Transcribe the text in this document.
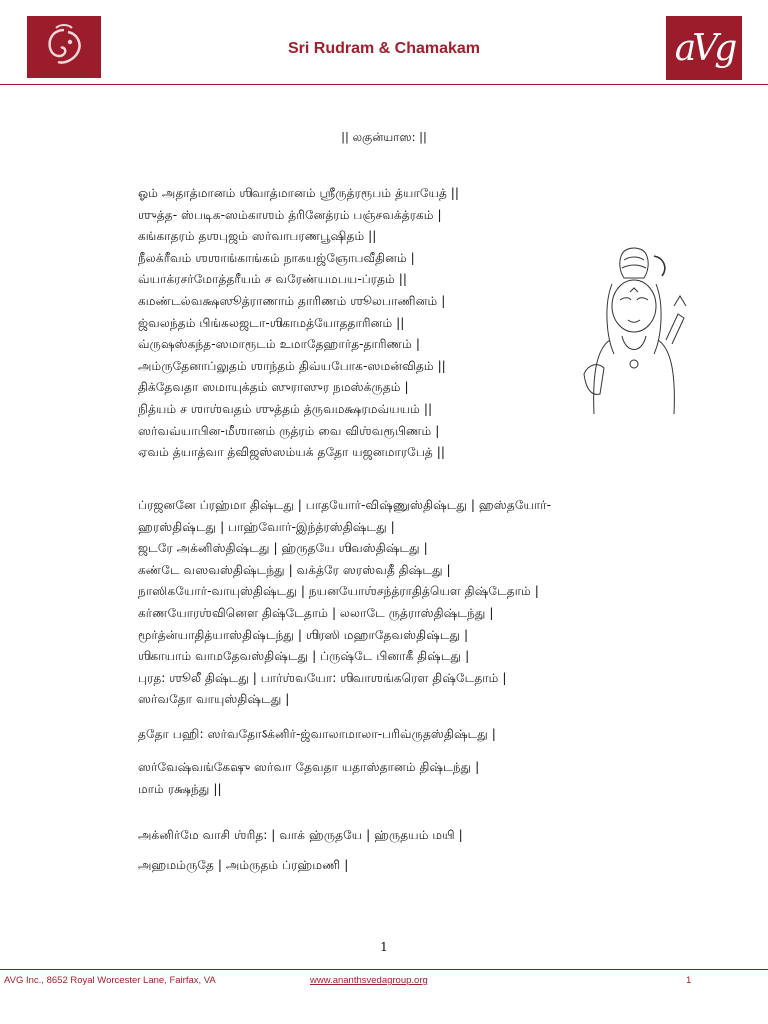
Sri Rudram & Chamakam	aVg
|| லகுன்யாஸ: ||
ஓம் அதாத்மானம் ஶிவாத்மானம் ஶ்ரீருத்ரரூபம் த்யாயேத் ||
ஶுத்த- ஸ்படிக-ஸம்காஶம் த்ரினேத்ரம் பஞ்சவக்த்ரகம் |
கங்காதரம் தஶபுஜம் ஸர்வாபரணபூஷிதம் ||
நீலக்ரீவம் ஶஶாங்காங்கம் நாகயஜ்ஞோபவீதினம் |
வ்யாக்ரசர்மோத்தரீயம் ச வரேண்யமபய-ப்ரதம் ||
கமண்டல்வக்ஷஸூத்ராணாம் தாரிணம் ஶூலபாணினம் |
ஜ்வலந்தம் பிங்கலஜடா-ஶிகாமத்யோததாரினம் ||
வ்ருஷஸ்கந்த-ஸமாரூடம் உமாதேஹார்த-தாரிணம் |
அம்ருதேனாப்லுதம் ஶாந்தம் திவ்யபோக-ஸமன்விதம் ||
திக்தேவதா ஸமாயுக்தம் ஸுராஸுர நமஸ்க்ருதம் |
நித்யம் ச ஶாஶ்வதம் ஶுத்தம் த்ருவமக்ஷரமவ்யயம் ||
ஸர்வவ்யாபின-மீஶானம் ருத்ரம் வை விஶ்வரூபிணம் |
ஏவம் த்யாத்வா த்விஜஸ்ஸம்யக் ததோ யஜனமாரபேத் ||
ப்ரஜனனே ப்ரஹ்மா திஷ்டது | பாதயோர்-விஷ்ணுஸ்திஷ்டது | ஹஸ்தயோர்-
ஹரஸ்திஷ்டது | பாஹ்வோர்-இந்த்ரஸ்திஷ்டது |
ஜடரே அக்னிஸ்திஷ்டது | ஹ்ருதயே ஶிவஸ்திஷ்டது |
கண்டே வஸவஸ்திஷ்டந்து | வக்த்ரே ஸரஸ்வதீ திஷ்டது |
நாஸிகயோர்-வாயுஸ்திஷ்டது | நயனயோஶ்சந்த்ராதித்யௌ திஷ்டேதாம் |
கர்ணயோரஶ்வினௌ திஷ்டேதாம் | லலாடே ருத்ராஸ்திஷ்டந்து |
மூர்த்ன்யாதித்யாஸ்திஷ்டந்து | ஶிரஸி மஹாதேவஸ்திஷ்டது |
ஶிகாயாம் வாமதேவஸ்திஷ்டது | ப்ருஷ்டே பினாகீ திஷ்டது |
புரத: ஶூலீ திஷ்டது | பார்ஶ்வயோ: ஶிவாஶங்கரௌ திஷ்டேதாம் |
ஸர்வதோ வாயுஸ்திஷ்டது |
ததோ பஹி: ஸர்வதோऽக்னிர்-ஜ்வாலாமாலா-பரிவ்ருதஸ்திஷ்டது |
ஸர்வேஷ்வங்கேஷு ஸர்வா தேவதா யதாஸ்தானம் திஷ்டந்து |
மாம் ரக்ஷந்து ||
அக்னிர்மே வாசி ஶ்ரித: | வாக் ஹ்ருதயே | ஹ்ருதயம் மயி |
அஹமம்ருதே | அம்ருதம் ப்ரஹ்மணி |
1
AVG Inc., 8652 Royal Worcester Lane, Fairfax, VA	www.ananthsvedagroup.org	1
